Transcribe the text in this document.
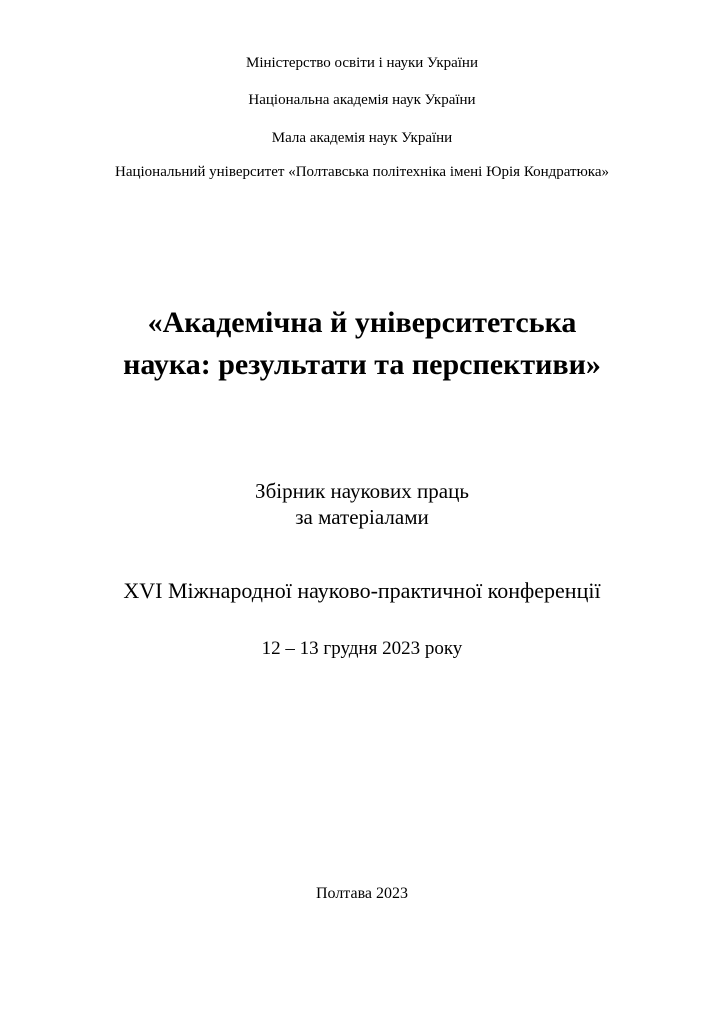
Міністерство освіти і науки України
Національна академія наук України
Мала академія наук України
Національний університет «Полтавська політехніка імені Юрія Кондратюка»
«Академічна й університетська
наука: результати та перспективи»
Збірник наукових праць
за матеріалами
XVI Міжнародної науково-практичної конференції
12 – 13 грудня 2023 року
Полтава 2023
